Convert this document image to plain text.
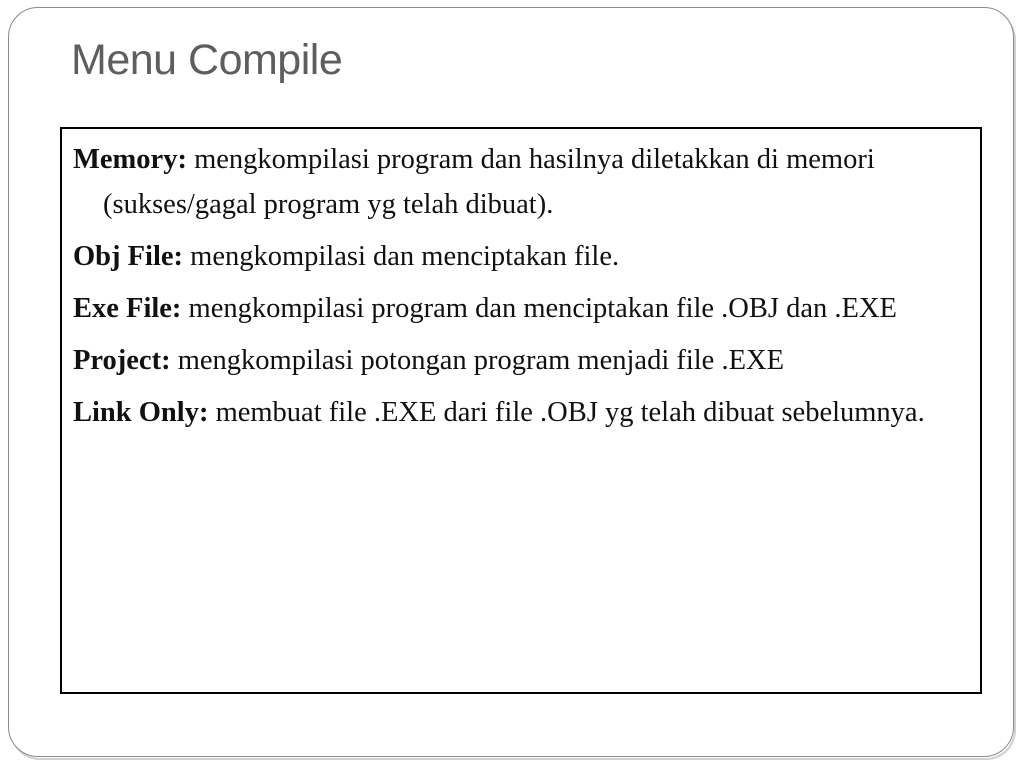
Menu Compile

Memory: mengkompilasi program dan hasilnya diletakkan di memori (sukses/gagal program yg telah dibuat).

Obj File: mengkompilasi dan menciptakan file.

Exe File: mengkompilasi program dan menciptakan file .OBJ dan .EXE

Project: mengkompilasi potongan program menjadi file .EXE

Link Only: membuat file .EXE dari file .OBJ yg telah dibuat sebelumnya.
